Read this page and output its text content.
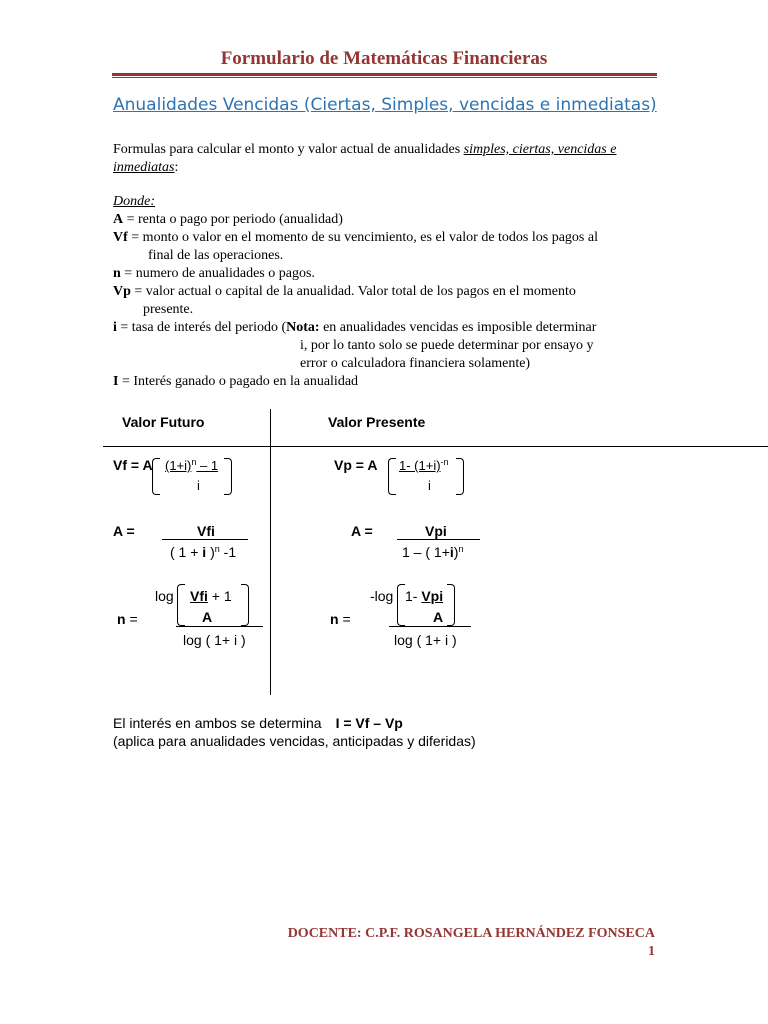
Formulario de Matemáticas Financieras
Anualidades Vencidas (Ciertas, Simples, vencidas e inmediatas)
Formulas para calcular el monto y valor actual de anualidades simples, ciertas, vencidas e
inmediatas:
Donde:
A = renta o pago por periodo (anualidad)
Vf = monto o valor en el momento de su vencimiento, es el valor de todos los pagos al
final de las operaciones.
n = numero de anualidades o pagos.
Vp = valor actual o capital de la anualidad. Valor total de los pagos en el momento
presente.
i = tasa de interés del periodo (Nota: en anualidades vencidas es imposible determinar
i, por lo tanto solo se puede determinar por ensayo y
error o calculadora financiera solamente)
I = Interés ganado o pagado en la anualidad
Valor Futuro	Valor Presente
Vf = A $(1+i)^n - 1$
i
Vp = A 1- $(1+i)^{-n}$
i
A =	Vfi
( 1 + i )$^n$ -1
A =	Vpi
1 – ( 1+i)$^n$
log Vfi + 1
A
n =
log ( 1+ i )
-log 1- Vpi
A
n =
log ( 1+ i )
El interés en ambos se determina I = Vf – Vp
(aplica para anualidades vencidas, anticipadas y diferidas)
DOCENTE: C.P.F. ROSANGELA HERNÁNDEZ FONSECA
1
